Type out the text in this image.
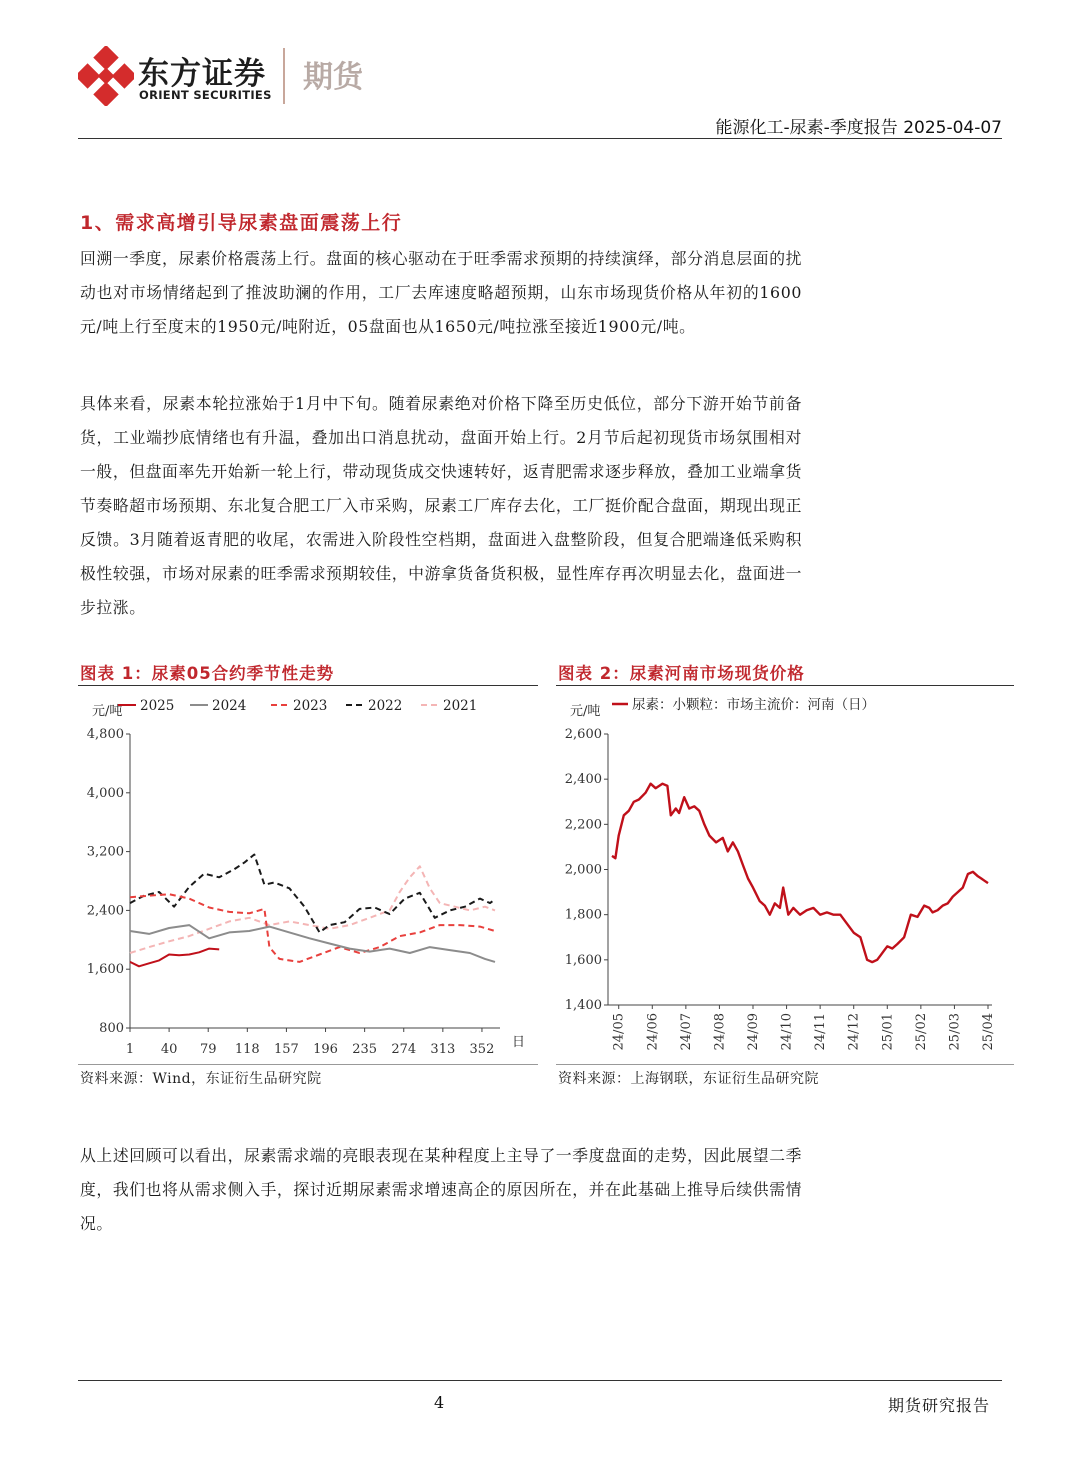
东方证券
ORIENT SECURITIES 期货
能源化工-尿素-季度报告 2025-04-07
1、需求高增引导尿素盘面震荡上行
回溯一季度，尿素价格震荡上行。盘面的核心驱动在于旺季需求预期的持续演绎，部分消息层面的扰动也对市场情绪起到了推波助澜的作用，工厂去库速度略超预期，山东市场现货价格从年初的1600元/吨上行至度末的1950元/吨附近，05盘面也从1650元/吨拉涨至接近1900元/吨。
具体来看，尿素本轮拉涨始于1月中下旬。随着尿素绝对价格下降至历史低位，部分下游开始节前备货，工业端抄底情绪也有升温，叠加出口消息扰动，盘面开始上行。2月节后起初现货市场氛围相对一般，但盘面率先开始新一轮上行，带动现货成交快速转好，返青肥需求逐步释放，叠加工业端拿货节奏略超市场预期、东北复合肥工厂入市采购，尿素工厂库存去化，工厂挺价配合盘面，期现出现正反馈。3月随着返青肥的收尾，农需进入阶段性空档期，盘面进入盘整阶段，但复合肥端逢低采购积极性较强，市场对尿素的旺季需求预期较佳，中游拿货备货积极，显性库存再次明显去化，盘面进一步拉涨。
图表 1：尿素05合约季节性走势
元/吨
日
2025	2024	2023	2022	2021
800
1,600
2,400
3,200
4,000
4,800
1 40 79 118 157 196 235 274 313 352
资料来源：Wind，东证衍生品研究院
图表 2：尿素河南市场现货价格
元/吨 尿素：小颗粒：市场主流价：河南（日）
1,400
1,600
1,800
2,000
2,200
2,400
2,600
24/05 24/06 24/07 24/08 24/09 24/10 24/11 24/12 25/01 25/02 25/03 25/04
资料来源：上海钢联，东证衍生品研究院
从上述回顾可以看出，尿素需求端的亮眼表现在某种程度上主导了一季度盘面的走势，因此展望二季度，我们也将从需求侧入手，探讨近期尿素需求增速高企的原因所在，并在此基础上推导后续供需情况。
4	期货研究报告
